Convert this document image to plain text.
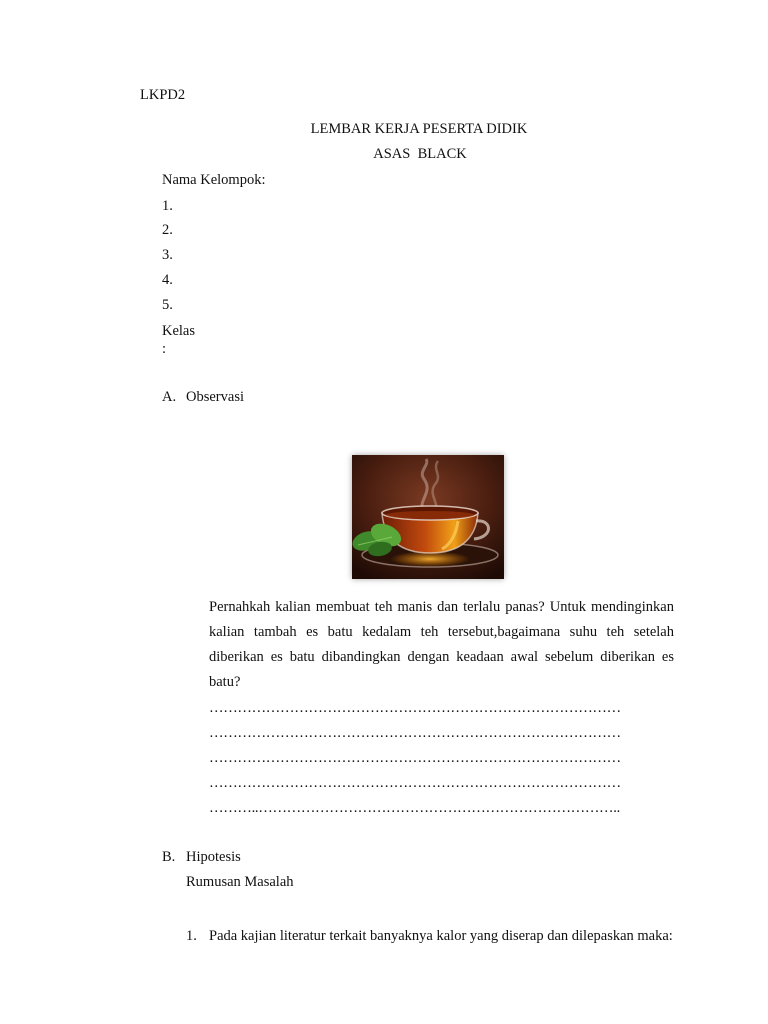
LKPD2
LEMBAR KERJA PESERTA DIDIK
ASAS  BLACK
Nama Kelompok:
1.
2.
3.
4.
5.
Kelas
:
A. Observasi
Pernahkah kalian membuat teh manis dan terlalu panas? Untuk mendinginkan kalian tambah es batu kedalam teh tersebut,bagaimana suhu teh setelah diberikan es batu dibandingkan dengan keadaan awal sebelum diberikan es batu?
……………………………………………………………………………
……………………………………………………………………………
……………………………………………………………………………
……………………………………………………………………………
………..…………………………………………………………………..
B. Hipotesis
Rumusan Masalah
1. Pada kajian literatur terkait banyaknya kalor yang diserap dan dilepaskan maka:
